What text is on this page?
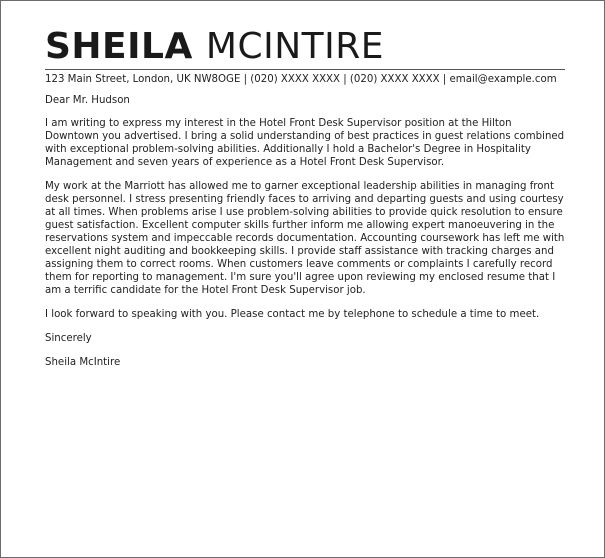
SHEILA MCINTIRE
123 Main Street, London, UK NW8OGE | (020) XXXX XXXX | (020) XXXX XXXX | email@example.com

Dear Mr. Hudson

I am writing to express my interest in the Hotel Front Desk Supervisor position at the Hilton Downtown you advertised. I bring a solid understanding of best practices in guest relations combined with exceptional problem-solving abilities. Additionally I hold a Bachelor's Degree in Hospitality Management and seven years of experience as a Hotel Front Desk Supervisor.

My work at the Marriott has allowed me to garner exceptional leadership abilities in managing front desk personnel. I stress presenting friendly faces to arriving and departing guests and using courtesy at all times. When problems arise I use problem-solving abilities to provide quick resolution to ensure guest satisfaction. Excellent computer skills further inform me allowing expert manoeuvering in the reservations system and impeccable records documentation. Accounting coursework has left me with excellent night auditing and bookkeeping skills. I provide staff assistance with tracking charges and assigning them to correct rooms. When customers leave comments or complaints I carefully record them for reporting to management. I'm sure you'll agree upon reviewing my enclosed resume that I am a terrific candidate for the Hotel Front Desk Supervisor job.

I look forward to speaking with you. Please contact me by telephone to schedule a time to meet.

Sincerely

Sheila McIntire
